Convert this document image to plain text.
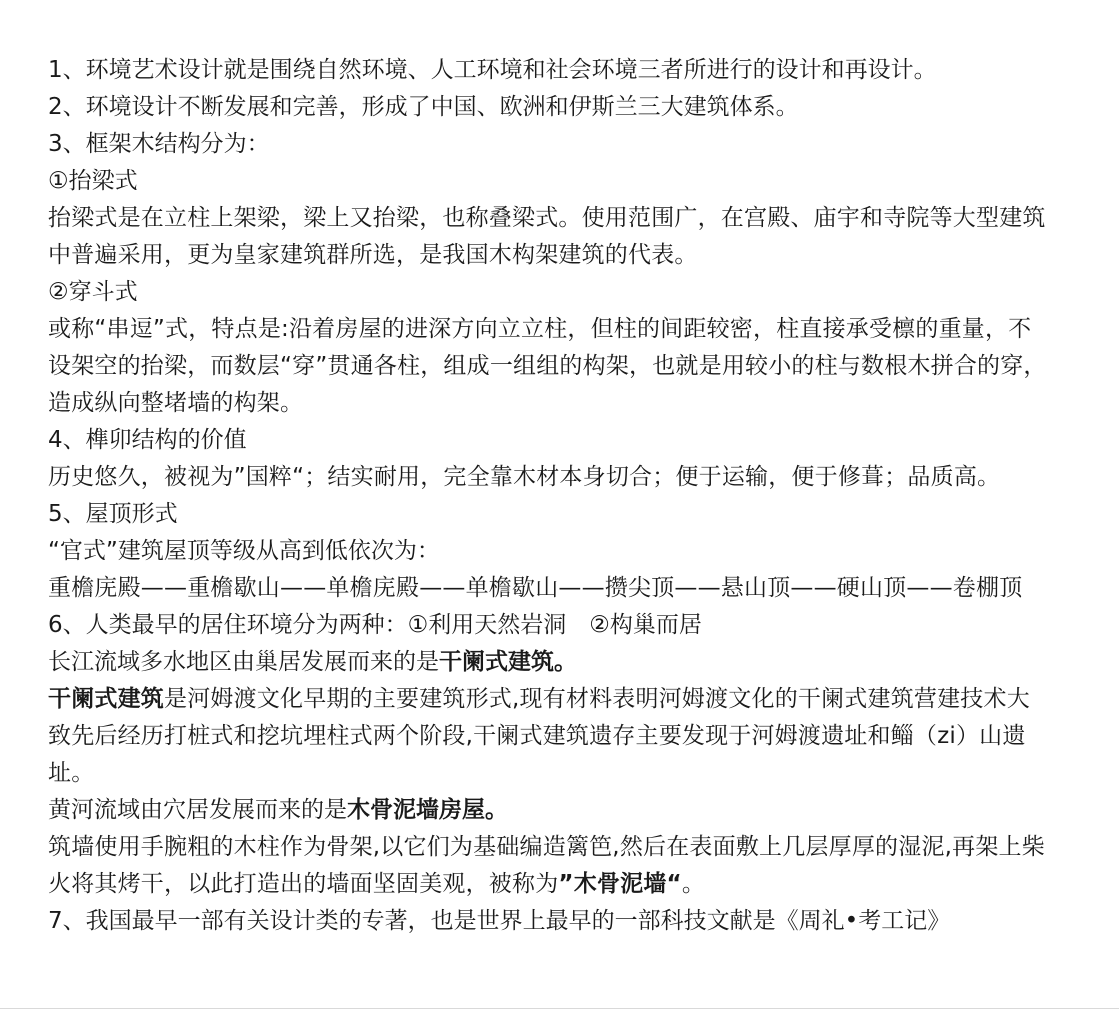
1、环境艺术设计就是围绕自然环境、人工环境和社会环境三者所进行的设计和再设计。
2、环境设计不断发展和完善，形成了中国、欧洲和伊斯兰三大建筑体系。
3、框架木结构分为：
①抬梁式
抬梁式是在立柱上架梁，梁上又抬梁，也称叠梁式。使用范围广，在宫殿、庙宇和寺院等大型建筑中普遍采用，更为皇家建筑群所选，是我国木构架建筑的代表。
②穿斗式
或称“串逗”式，特点是:沿着房屋的进深方向立立柱，但柱的间距较密，柱直接承受檩的重量，不设架空的抬梁，而数层“穿”贯通各柱，组成一组组的构架，也就是用较小的柱与数根木拼合的穿，造成纵向整堵墙的构架。
4、榫卯结构的价值
历史悠久，被视为”国粹“；结实耐用，完全靠木材本身切合；便于运输，便于修葺；品质高。
5、屋顶形式
“官式”建筑屋顶等级从高到低依次为：
重檐庑殿——重檐歇山——单檐庑殿——单檐歇山——攒尖顶——悬山顶——硬山顶——卷棚顶
6、人类最早的居住环境分为两种：①利用天然岩洞　②构巢而居
长江流域多水地区由巢居发展而来的是干阑式建筑。
干阑式建筑是河姆渡文化早期的主要建筑形式,现有材料表明河姆渡文化的干阑式建筑营建技术大致先后经历打桩式和挖坑埋柱式两个阶段,干阑式建筑遗存主要发现于河姆渡遗址和鲻（zi）山遗址。
黄河流域由穴居发展而来的是木骨泥墙房屋。
筑墙使用手腕粗的木柱作为骨架,以它们为基础编造篱笆,然后在表面敷上几层厚厚的湿泥,再架上柴火将其烤干，以此打造出的墙面坚固美观，被称为”木骨泥墙“。
7、我国最早一部有关设计类的专著，也是世界上最早的一部科技文献是《周礼•考工记》
